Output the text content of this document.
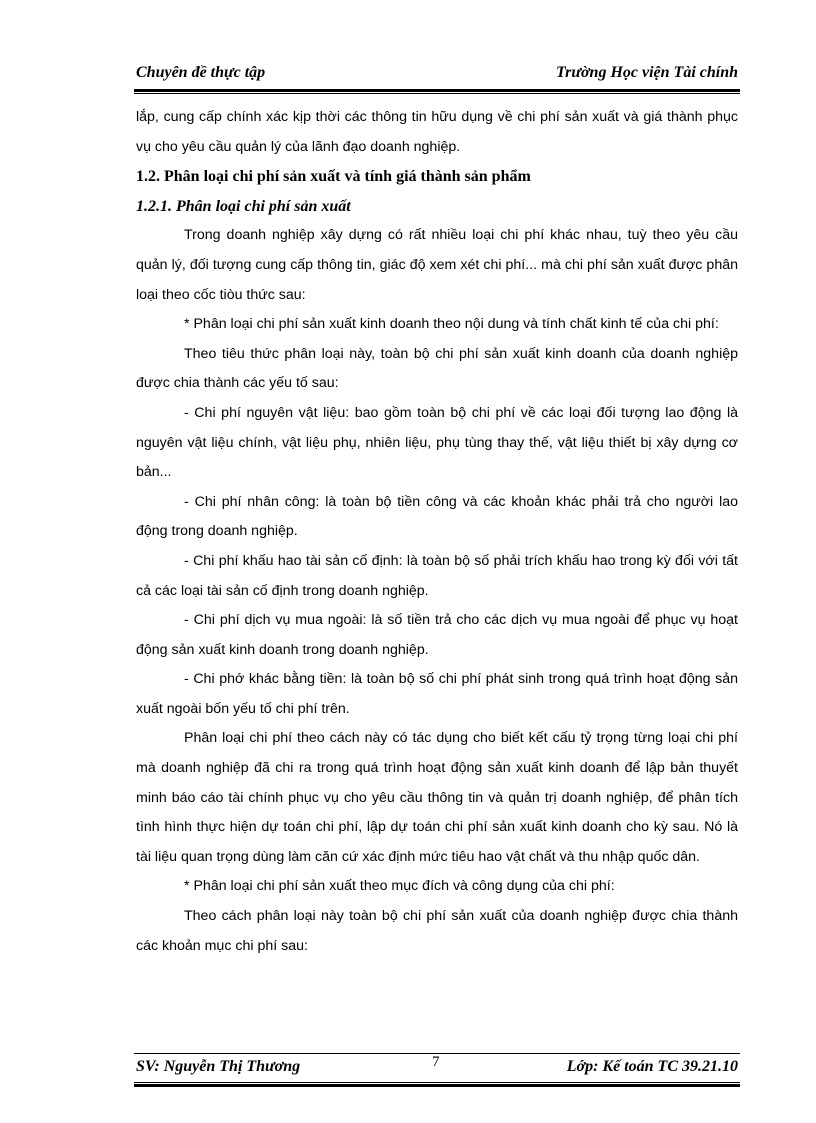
Chuyên đề thực tập	Trường Học viện Tài chính

lắp, cung cấp chính xác kịp thời các thông tin hữu dụng về chi phí sản xuất và giá thành phục vụ cho yêu cầu quản lý của lãnh đạo doanh nghiệp.

1.2. Phân loại chi phí sản xuất và tính giá thành sản phẩm

1.2.1. Phân loại chi phí sản xuất

Trong doanh nghiệp xây dựng có rất nhiều loại chi phí khác nhau, tuỳ theo yêu cầu quản lý, đối tượng cung cấp thông tin, giác độ xem xét chi phí... mà chi phí sản xuất được phân loại theo cốc tiòu thức sau:

* Phân loại chi phí sản xuất kinh doanh theo nội dung và tính chất kinh tế của chi phí:

Theo tiêu thức phân loại này, toàn bộ chi phí sản xuất kinh doanh của doanh nghiệp được chia thành các yếu tố sau:

- Chi phí nguyên vật liệu: bao gồm toàn bộ chi phí về các loại đối tượng lao động là nguyên vật liệu chính, vật liệu phụ, nhiên liệu, phụ tùng thay thế, vật liệu thiết bị xây dựng cơ bản...

- Chi phí nhân công: là toàn bộ tiền công và các khoản khác phải trả cho người lao động trong doanh nghiệp.

- Chi phí khấu hao tài sản cố định: là toàn bộ số phải trích khấu hao trong kỳ đối với tất cả các loại tài sản cố định trong doanh nghiệp.

- Chi phí dịch vụ mua ngoài: là số tiền trả cho các dịch vụ mua ngoài để phục vụ hoạt động sản xuất kinh doanh trong doanh nghiệp.

- Chi phớ khác bằng tiền: là toàn bộ số chi phí phát sinh trong quá trình hoạt động sản xuất ngoài bốn yếu tố chi phí trên.

Phân loại chi phí theo cách này có tác dụng cho biết kết cấu tỷ trọng từng loại chi phí mà doanh nghiệp đã chi ra trong quá trình hoạt động sản xuất kinh doanh để lập bản thuyết minh báo cáo tài chính phục vụ cho yêu cầu thông tin và quản trị doanh nghiệp, để phân tích tình hình thực hiện dự toán chi phí, lập dự toán chi phí sản xuất kinh doanh cho kỳ sau. Nó là tài liệu quan trọng dùng làm căn cứ xác định mức tiêu hao vật chất và thu nhập quốc dân.

* Phân loại chi phí sản xuất theo mục đích và công dụng của chi phí:

Theo cách phân loại này toàn bộ chi phí sản xuất của doanh nghiệp được chia thành các khoản mục chi phí sau:

SV: Nguyễn Thị Thương	7	Lớp: Kế toán TC 39.21.10
